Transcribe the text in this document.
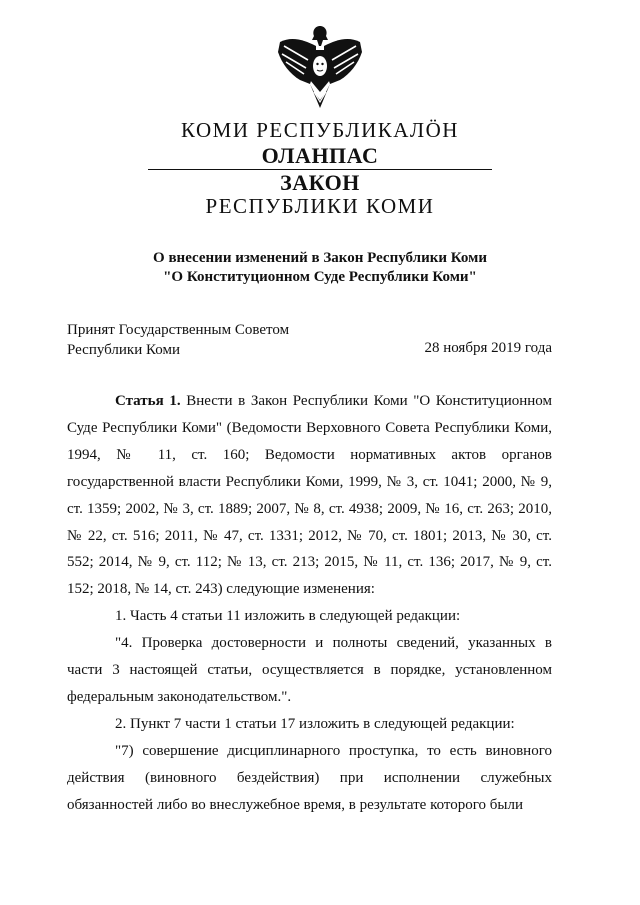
КОМИ РЕСПУБЛИКАЛӦН
ОЛАНПАС
ЗАКОН
РЕСПУБЛИКИ КОМИ
О внесении изменений в Закон Республики Коми
"О Конституционном Суде Республики Коми"
Принят Государственным Советом
Республики Коми	28 ноября 2019 года

Статья 1. Внести в Закон Республики Коми "О Конституционном Суде Республики Коми" (Ведомости Верховного Совета Республики Коми, 1994, № 11, ст. 160; Ведомости нормативных актов органов государственной власти Республики Коми, 1999, № 3, ст. 1041; 2000, № 9, ст. 1359; 2002, № 3, ст. 1889; 2007, № 8, ст. 4938; 2009, № 16, ст. 263; 2010, № 22, ст. 516; 2011, № 47, ст. 1331; 2012, № 70, ст. 1801; 2013, № 30, ст. 552; 2014, № 9, ст. 112; № 13, ст. 213; 2015, № 11, ст. 136; 2017, № 9, ст. 152; 2018, № 14, ст. 243) следующие изменения:

1. Часть 4 статьи 11 изложить в следующей редакции:

"4. Проверка достоверности и полноты сведений, указанных в части 3 настоящей статьи, осуществляется в порядке, установленном федеральным законодательством.".

2. Пункт 7 части 1 статьи 17 изложить в следующей редакции:

"7) совершение дисциплинарного проступка, то есть виновного действия (виновного бездействия) при исполнении служебных обязанностей либо во внеслужебное время, в результате которого были
